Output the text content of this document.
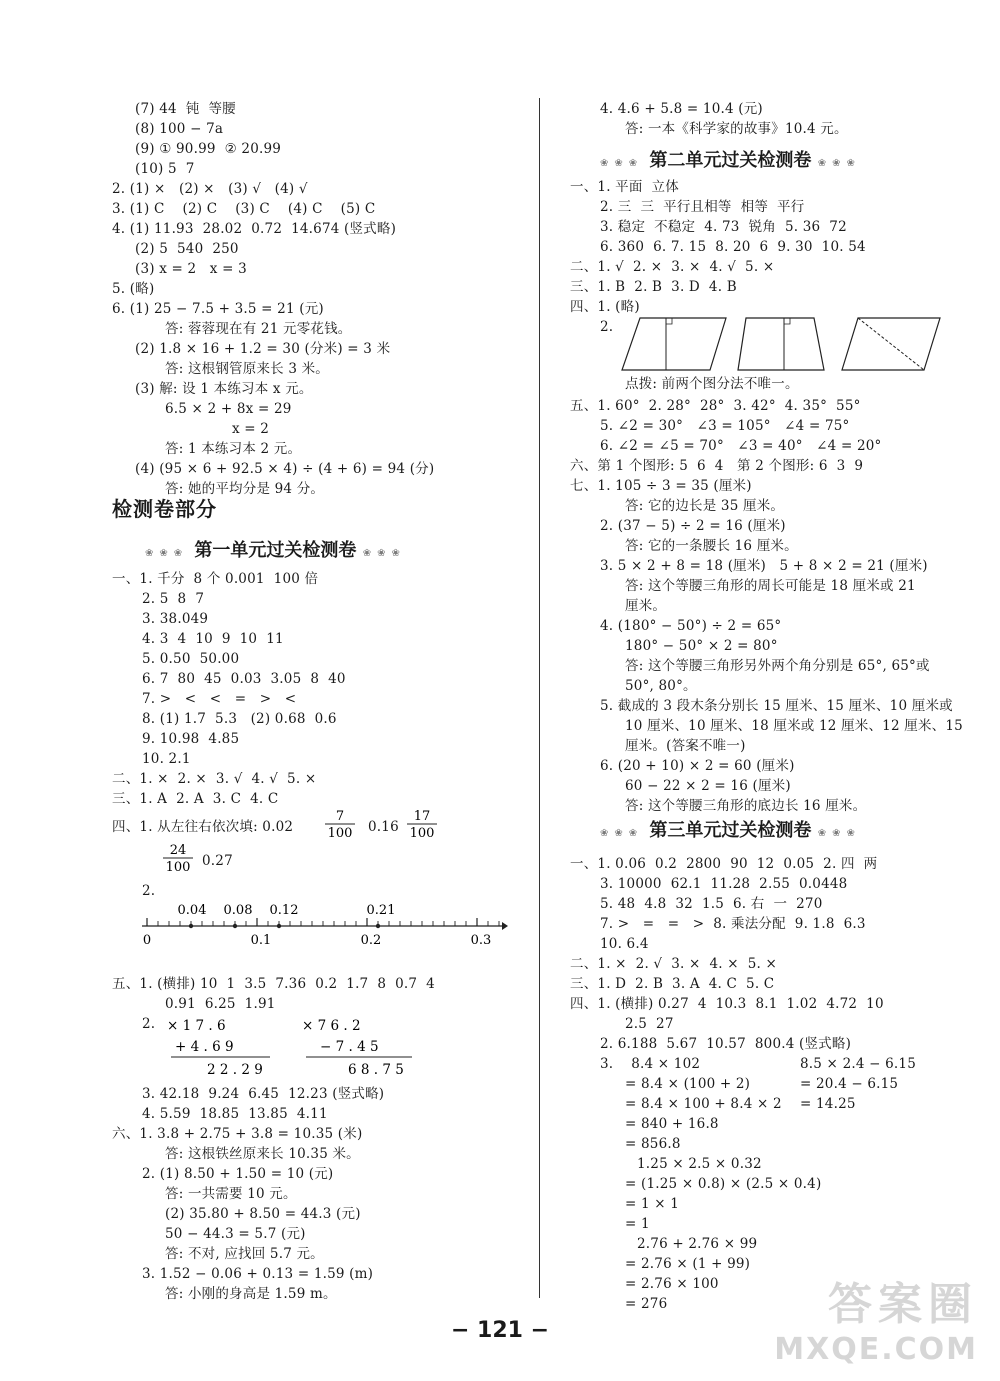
检测卷部分
❀❀❀ 第一单元过关检测卷 ❀❀❀
❀❀❀ 第二单元过关检测卷 ❀❀❀
❀❀❀ 第三单元过关检测卷 ❀❀❀
7
100
17
100
24
100
0.04 0.08 0.12	0.21
0	0.1	0.2	0.3
× 1 7 . 6
+ 4 . 6 9
2 2 . 2 9
× 7 6 . 2
− 7 . 4 5
6 8 . 7 5
− 121 −
答案圈
MXQE.COM
(7) 44  钝  等腰
(8) 100 − 7a
(9) ① 90.99  ② 20.99
(10) 5  7
2. (1) ×   (2) ×   (3) √   (4) √
3. (1) C    (2) C    (3) C    (4) C    (5) C
4. (1) 11.93  28.02  0.72  14.674 (竖式略)
(2) 5  540  250
(3) x = 2   x = 3
5. (略)
6. (1) 25 − 7.5 + 3.5 = 21 (元)
答: 蓉蓉现在有 21 元零花钱。
(2) 1.8 × 16 + 1.2 = 30 (分米) = 3 米
答: 这根钢管原来长 3 米。
(3) 解: 设 1 本练习本 x 元。
6.5 × 2 + 8x = 29
x = 2
答: 1 本练习本 2 元。
(4) (95 × 6 + 92.5 × 4) ÷ (4 + 6) = 94 (分)
答: 她的平均分是 94 分。
一、1. 千分  8 个 0.001  100 倍
2. 5  8  7
3. 38.049
4. 3  4  10  9  10  11
5. 0.50  50.00
6. 7  80  45  0.03  3.05  8  40
7. >   <   <   =   >   <
8. (1) 1.7  5.3   (2) 0.68  0.6
9. 10.98  4.85
10. 2.1
二、1. ×  2. ×  3. √  4. √  5. ×
三、1. A  2. A  3. C  4. C
四、1. 从左往右依次填: 0.02	0.16
0.27
2.
五、1. (横排) 10  1  3.5  7.36  0.2  1.7  8  0.7  4
0.91  6.25  1.91
2.
3. 42.18  9.24  6.45  12.23 (竖式略)
4. 5.59  18.85  13.85  4.11
六、1. 3.8 + 2.75 + 3.8 = 10.35 (米)
答: 这根铁丝原来长 10.35 米。
2. (1) 8.50 + 1.50 = 10 (元)
答: 一共需要 10 元。
(2) 35.80 + 8.50 = 44.3 (元)
50 − 44.3 = 5.7 (元)
答: 不对, 应找回 5.7 元。
3. 1.52 − 0.06 + 0.13 = 1.59 (m)
答: 小刚的身高是 1.59 m。
4. 4.6 + 5.8 = 10.4 (元)
答: 一本《科学家的故事》10.4 元。
一、1. 平面  立体
2. 三  三  平行且相等  相等  平行
3. 稳定  不稳定  4. 73  锐角  5. 36  72
6. 360  6. 7. 15  8. 20  6  9. 30  10. 54
二、1. √  2. ×  3. ×  4. √  5. ×
三、1. B  2. B  3. D  4. B
四、1. (略)
2.
点拨: 前两个图分法不唯一。
五、1. 60°  2. 28°  28°  3. 42°  4. 35°  55°
5. ∠2 = 30°   ∠3 = 105°   ∠4 = 75°
6. ∠2 = ∠5 = 70°   ∠3 = 40°   ∠4 = 20°
六、第 1 个图形: 5  6  4   第 2 个图形: 6  3  9
七、1. 105 ÷ 3 = 35 (厘米)
答: 它的边长是 35 厘米。
2. (37 − 5) ÷ 2 = 16 (厘米)
答: 它的一条腰长 16 厘米。
3. 5 × 2 + 8 = 18 (厘米)   5 + 8 × 2 = 21 (厘米)
答: 这个等腰三角形的周长可能是 18 厘米或 21
厘米。
4. (180° − 50°) ÷ 2 = 65°
180° − 50° × 2 = 80°
答: 这个等腰三角形另外两个角分别是 65°, 65°或
50°, 80°。
5. 截成的 3 段木条分别长 15 厘米、15 厘米、10 厘米或
10 厘米、10 厘米、18 厘米或 12 厘米、12 厘米、15
厘米。(答案不唯一)
6. (20 + 10) × 2 = 60 (厘米)
60 − 22 × 2 = 16 (厘米)
答: 这个等腰三角形的底边长 16 厘米。
一、1. 0.06  0.2  2800  90  12  0.05  2. 四  两
3. 10000  62.1  11.28  2.55  0.0448
5. 48  4.8  32  1.5  6. 右  一  270
7. >   =   =   >  8. 乘法分配  9. 1.8  6.3
10. 6.4
二、1. ×  2. √  3. ×  4. ×  5. ×
三、1. D  2. B  3. A  4. C  5. C
四、1. (横排) 0.27  4  10.3  8.1  1.02  4.72  10
2.5  27
2. 6.188  5.67  10.57  800.4 (竖式略)
3.    8.4 × 102	8.5 × 2.4 − 6.15
= 8.4 × (100 + 2)	= 20.4 − 6.15
= 8.4 × 100 + 8.4 × 2 = 14.25
= 840 + 16.8
= 856.8
1.25 × 2.5 × 0.32
= (1.25 × 0.8) × (2.5 × 0.4)
= 1 × 1
= 1
2.76 + 2.76 × 99
= 2.76 × (1 + 99)
= 2.76 × 100
= 276
